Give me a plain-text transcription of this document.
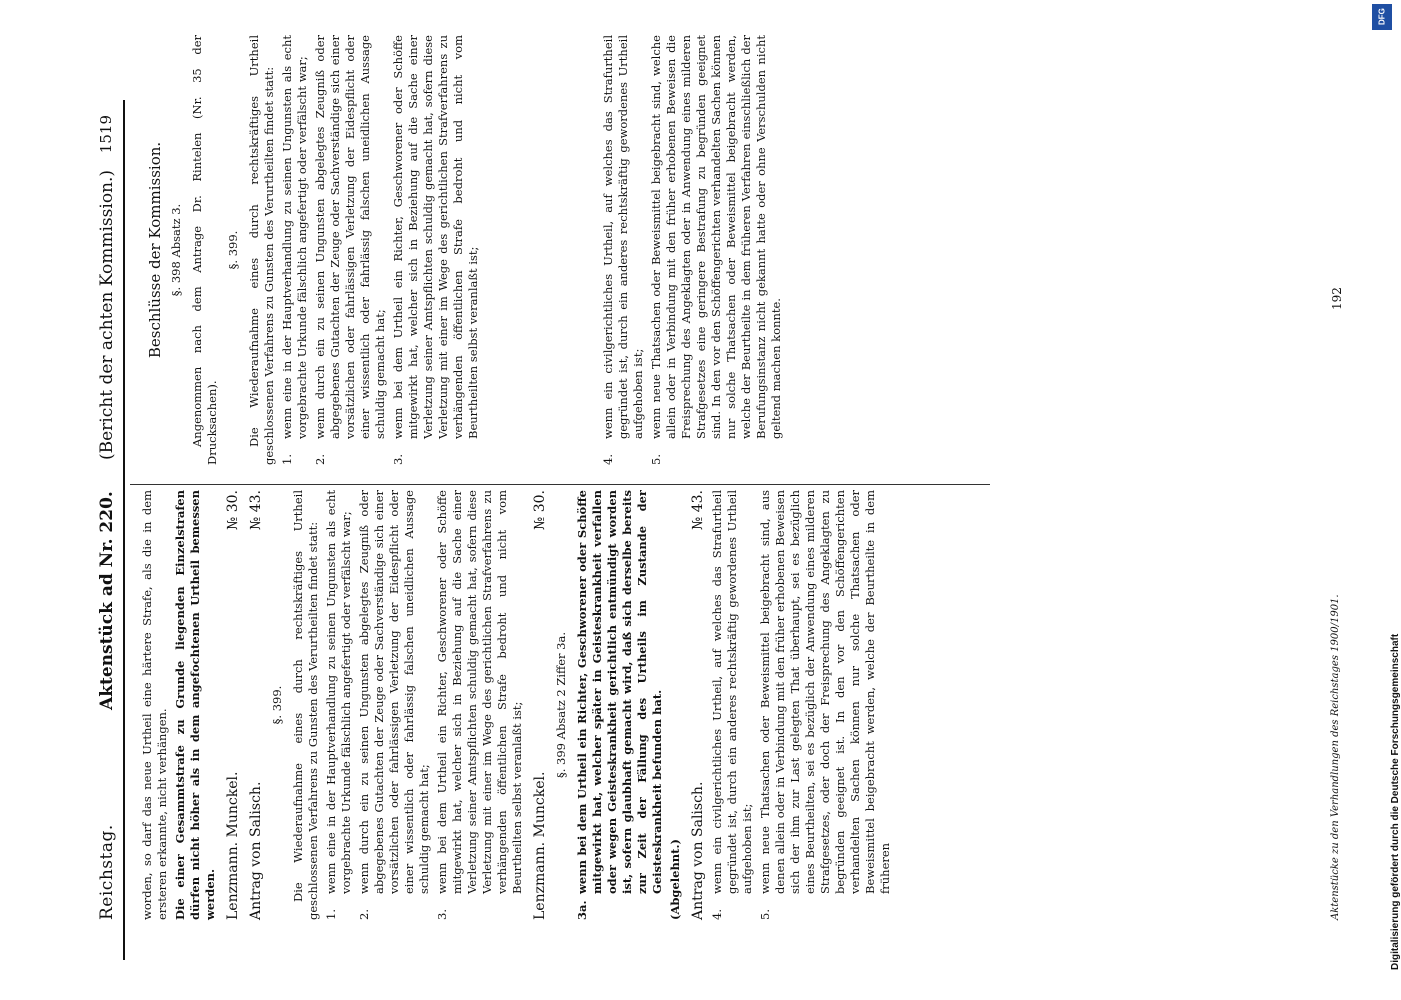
Reichstag.
Aktenstück ad Nr. 220.
(Bericht der achten Kommission.)
1519

worden, so darf das neue Urtheil eine härtere Strafe, als die in dem ersteren erkannte, nicht verhängen. Die einer Gesammtstrafe zu Grunde liegenden Einzelstrafen dürfen nicht höher als in dem angefochtenen Urtheil bemessen werden. Lenzmann. Munckel.
№ 30.
Antrag von Salisch.
№ 43.

§. 399. Die Wiederaufnahme eines durch rechtskräftiges Urtheil geschlossenen Verfahrens zu Gunsten des Verurtheilten findet statt: 1.
wenn eine in der Hauptverhandlung zu seinen Ungunsten als echt vorgebrachte Urkunde fälschlich angefertigt oder verfälscht war;
2.
wenn durch ein zu seinen Ungunsten abgelegtes Zeugniß oder abgegebenes Gutachten der Zeuge oder Sachverständige sich einer vorsätzlichen oder fahrlässigen Verletzung der Eidespflicht oder einer wissentlich oder fahrlässig falschen uneidlichen Aussage schuldig gemacht hat;
3.
wenn bei dem Urtheil ein Richter, Geschworener oder Schöffe mitgewirkt hat, welcher sich in Beziehung auf die Sache einer Verletzung seiner Amtspflichten schuldig gemacht hat, sofern diese Verletzung mit einer im Wege des gerichtlichen Strafverfahrens zu verhängenden öffentlichen Strafe bedroht und nicht vom Beurtheilten selbst veranlaßt ist; Lenzmann. Munckel.
№ 30.

§. 399 Absatz 2 Ziffer 3a.

3a.
wenn bei dem Urtheil ein Richter, Geschworener oder Schöffe mitgewirkt hat, welcher später in Geisteskrankheit verfallen oder wegen Geisteskrankheit gerichtlich entmündigt worden ist, sofern glaubhaft gemacht wird, daß sich derselbe bereits zur Zeit der Fällung des Urtheils im Zustande der Geisteskrankheit befunden hat. (Abgelehnt.) Antrag von Salisch.
№ 43.
4.
wenn ein civilgerichtliches Urtheil, auf welches das Strafurtheil gegründet ist, durch ein anderes rechtskräftig gewordenes Urtheil aufgehoben ist;
5.
wenn neue Thatsachen oder Beweismittel beigebracht sind, aus denen allein oder in Verbindung mit den früher erhobenen Beweisen sich der ihm zur Last gelegten That überhaupt, sei es bezüglich eines Beurtheilten, sei es bezüglich der Anwendung eines milderen Strafgesetzes, oder doch der Freisprechung des Angeklagten zu begründen geeignet ist. In den vor den Schöffengerichten verhandelten Sachen können nur solche Thatsachen oder Beweismittel beigebracht werden, welche der Beurtheilte in dem früheren

Beschlüsse der Kommission. §. 398 Absatz 3. Angenommen nach dem Antrage Dr. Rintelen (Nr. 35 der Drucksachen).

§. 399. Die Wiederaufnahme eines durch rechtskräftiges Urtheil geschlossenen Verfahrens zu Gunsten des Verurtheilten findet statt: 1.
wenn eine in der Hauptverhandlung zu seinen Ungunsten als echt vorgebrachte Urkunde fälschlich angefertigt oder verfälscht war;
2.
wenn durch ein zu seinen Ungunsten abgelegtes Zeugniß oder abgegebenes Gutachten der Zeuge oder Sachverständige sich einer vorsätzlichen oder fahrlässigen Verletzung der Eidespflicht oder einer wissentlich oder fahrlässig falschen uneidlichen Aussage schuldig gemacht hat;
3.
wenn bei dem Urtheil ein Richter, Geschworener oder Schöffe mitgewirkt hat, welcher sich in Beziehung auf die Sache einer Verletzung seiner Amtspflichten schuldig gemacht hat, sofern diese Verletzung mit einer im Wege des gerichtlichen Strafverfahrens zu verhängenden öffentlichen Strafe bedroht und nicht vom Beurtheilten selbst veranlaßt ist;
4.
wenn ein civilgerichtliches Urtheil, auf welches das Strafurtheil gegründet ist, durch ein anderes rechtskräftig gewordenes Urtheil aufgehoben ist;
5.
wenn neue Thatsachen oder Beweismittel beigebracht sind, welche allein oder in Verbindung mit den früher erhobenen Beweisen die Freisprechung des Angeklagten oder in Anwendung eines milderen Strafgesetzes eine geringere Bestrafung zu begründen geeignet sind. In den vor den Schöffengerichten verhandelten Sachen können nur solche Thatsachen oder Beweismittel beigebracht werden, welche der Beurtheilte in dem früheren Verfahren einschließlich der Berufungsinstanz nicht gekannt hatte oder ohne Verschulden nicht geltend machen konnte.
Aktenstücke zu den Verhandlungen des Reichstages 1900/1901.
192
DFG
Digitalisierung gefördert durch die Deutsche Forschungsgemeinschaft
